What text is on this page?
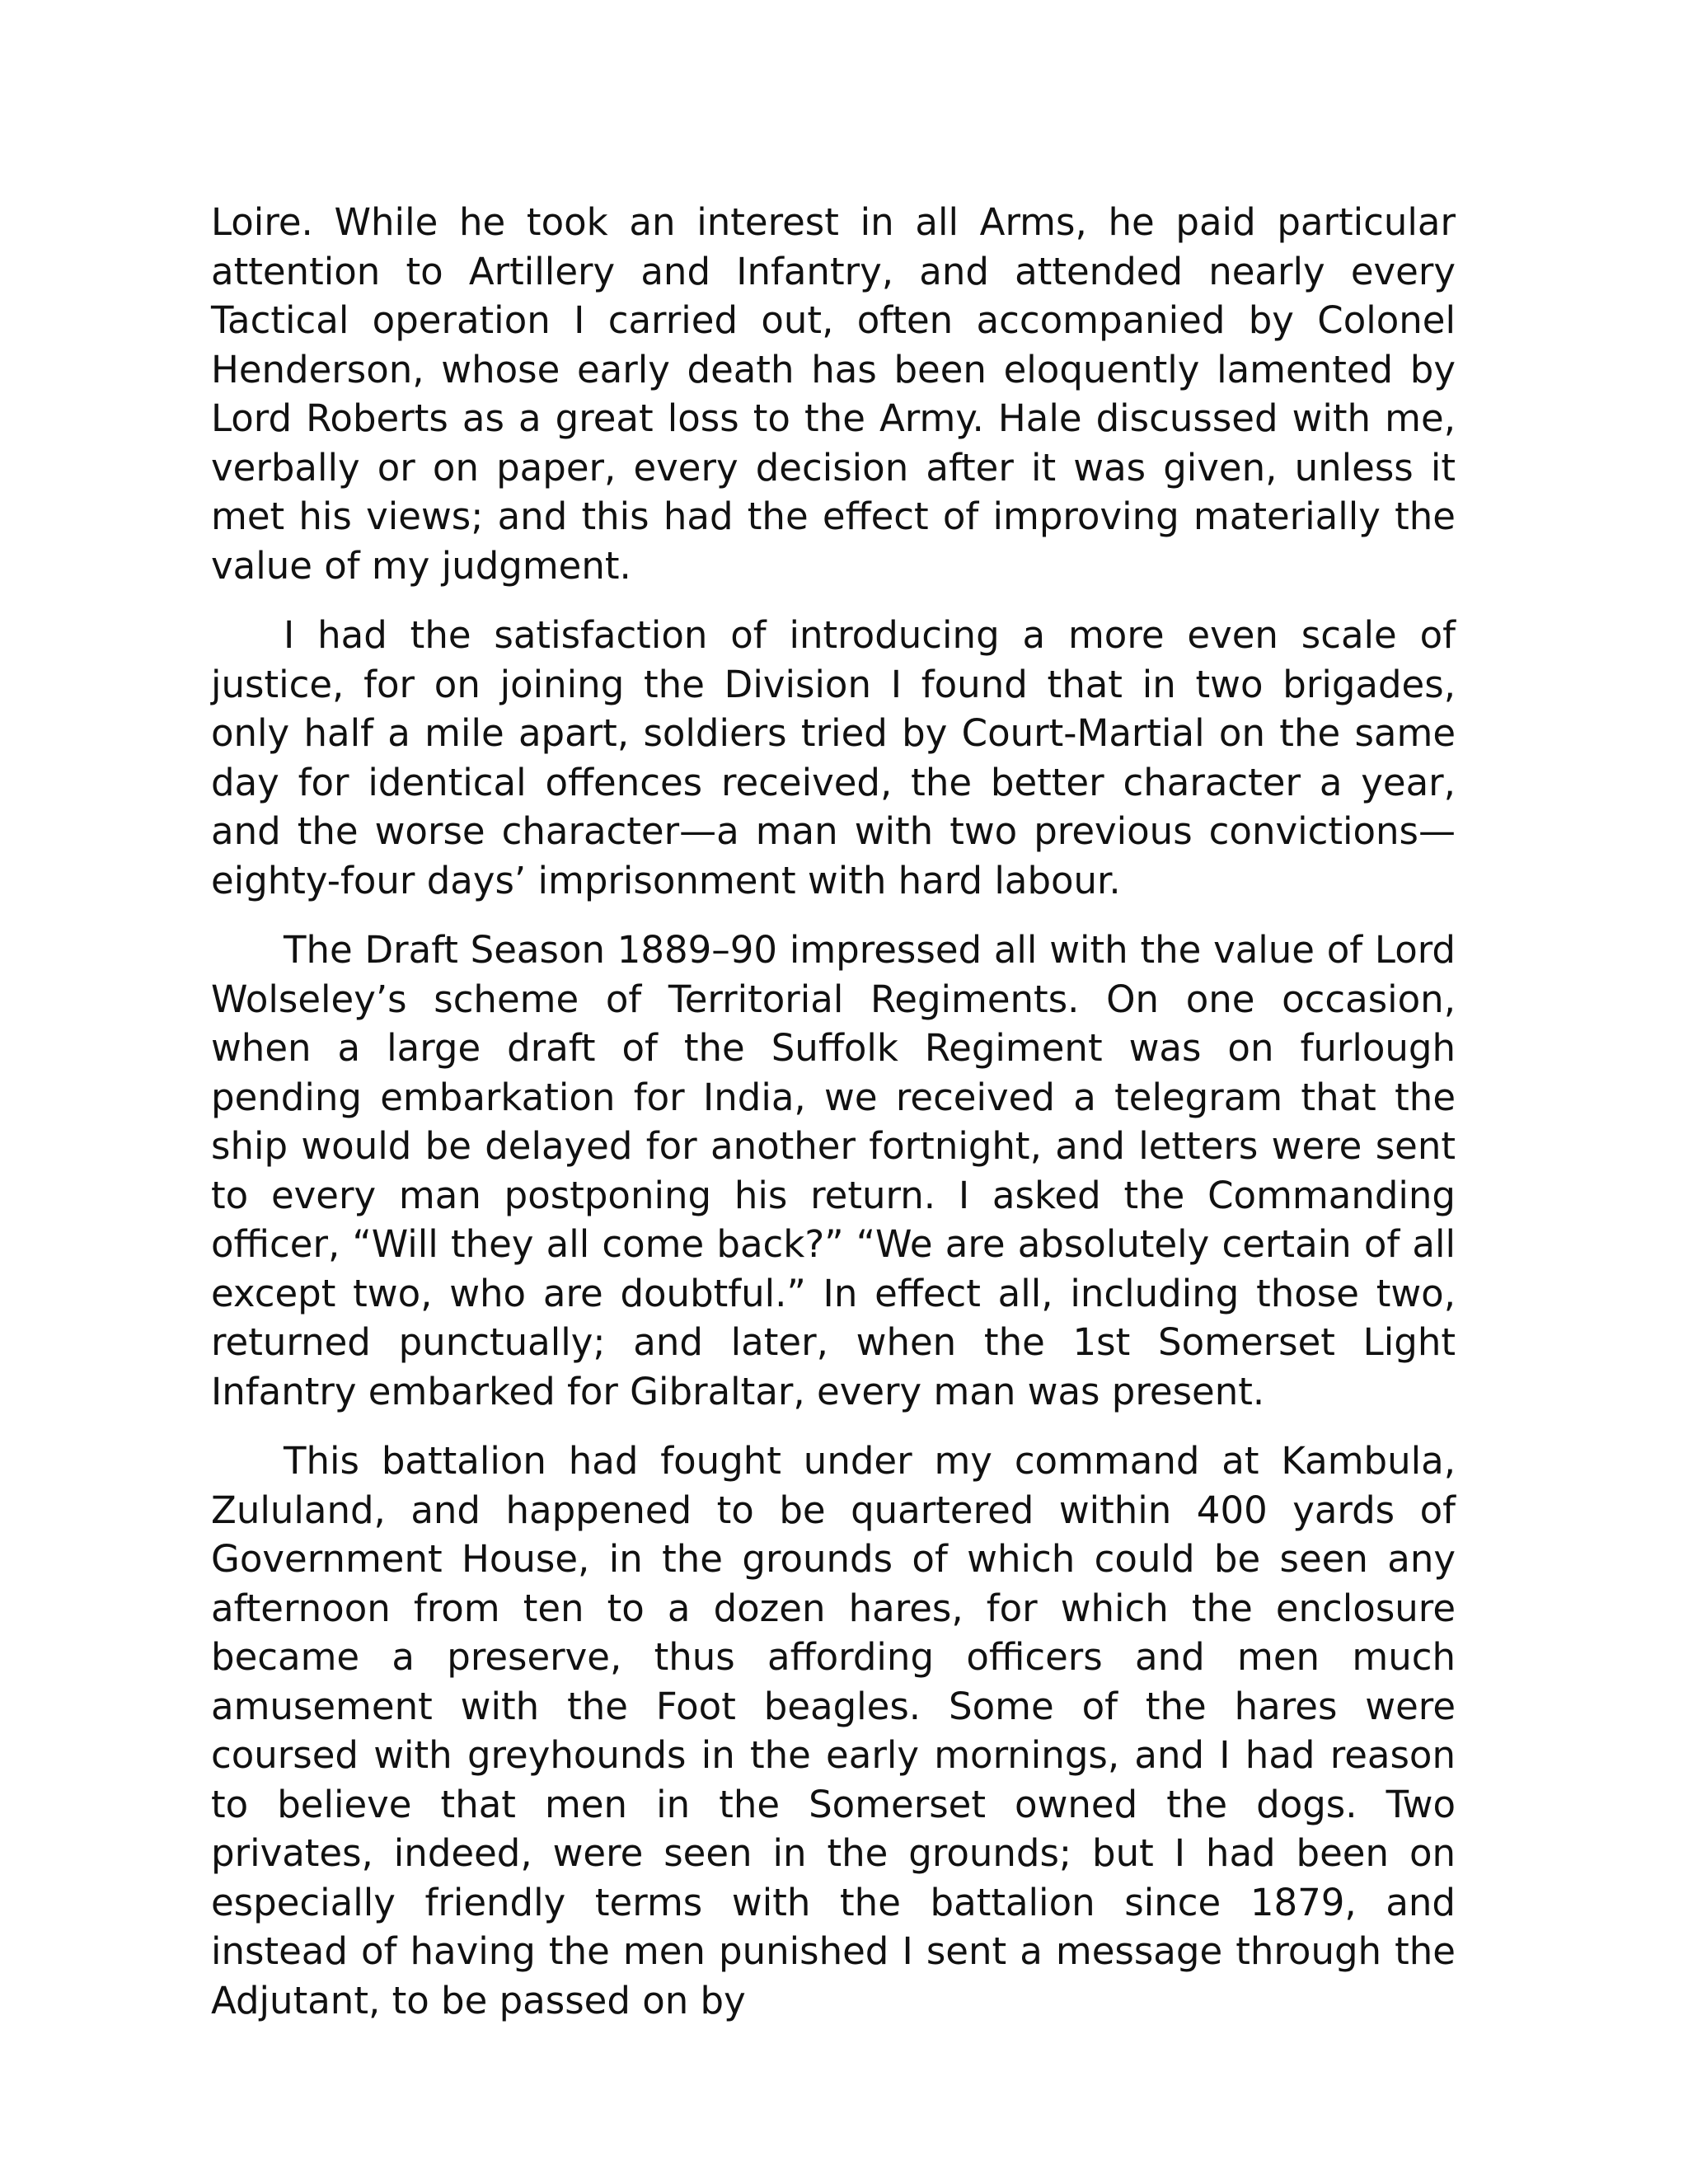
Loire. While he took an interest in all Arms, he paid particular attention to Artillery and Infantry, and attended nearly every Tactical operation I carried out, often accompanied by Colonel Henderson, whose early death has been eloquently lamented by Lord Roberts as a great loss to the Army. Hale discussed with me, verbally or on paper, every decision after it was given, unless it met his views; and this had the effect of improving materially the value of my judgment.

I had the satisfaction of introducing a more even scale of justice, for on joining the Division I found that in two brigades, only half a mile apart, soldiers tried by Court-Martial on the same day for identical offences received, the better character a year, and the worse character—a man with two previous convictions—eighty-four days’ imprisonment with hard labour.

The Draft Season 1889–90 impressed all with the value of Lord Wolseley’s scheme of Territorial Regiments. On one occasion, when a large draft of the Suffolk Regiment was on furlough pending embarkation for India, we received a telegram that the ship would be delayed for another fortnight, and letters were sent to every man postponing his return. I asked the Commanding officer, “Will they all come back?” “We are absolutely certain of all except two, who are doubtful.” In effect all, including those two, returned punctually; and later, when the 1st Somerset Light Infantry embarked for Gibraltar, every man was present.

This battalion had fought under my command at Kambula, Zululand, and happened to be quartered within 400 yards of Government House, in the grounds of which could be seen any afternoon from ten to a dozen hares, for which the enclosure became a preserve, thus affording officers and men much amusement with the Foot beagles. Some of the hares were coursed with greyhounds in the early mornings, and I had reason to believe that men in the Somerset owned the dogs. Two privates, indeed, were seen in the grounds; but I had been on especially friendly terms with the battalion since 1879, and instead of having the men punished I sent a message through the Adjutant, to be passed on by
